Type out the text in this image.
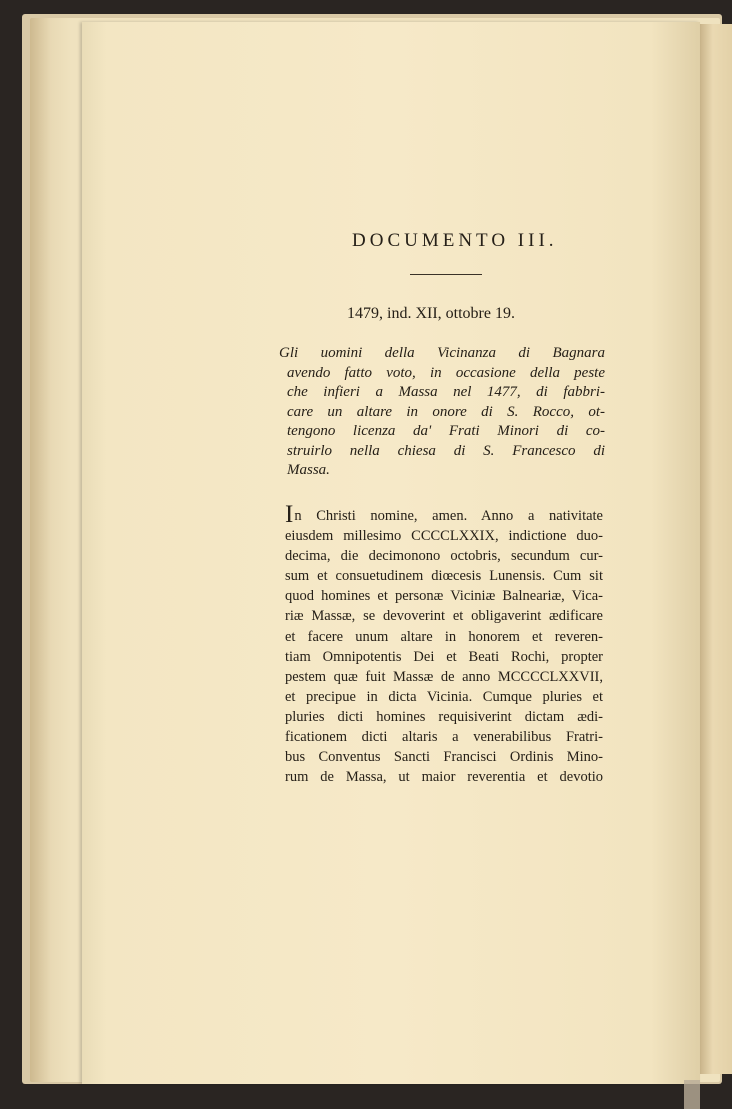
DOCUMENTO III.
1479, ind. XII, ottobre 19.
Gli uomini della Vicinanza di Bagnara
avendo fatto voto, in occasione della peste
che infieri a Massa nel 1477, di fabbri-
care un altare in onore di S. Rocco, ot-
tengono licenza da' Frati Minori di co-
struirlo nella chiesa di S. Francesco di
Massa.
In Christi nomine, amen. Anno a nativitate
eiusdem millesimo CCCCLXXIX, indictione duo-
decima, die decimonono octobris, secundum cur-
sum et consuetudinem diœcesis Lunensis. Cum sit
quod homines et personæ Viciniæ Balneariæ, Vica-
riæ Massæ, se devoverint et obligaverint ædificare
et facere unum altare in honorem et reveren-
tiam Omnipotentis Dei et Beati Rochi, propter
pestem quæ fuit Massæ de anno MCCCCLXXVII,
et precipue in dicta Vicinia. Cumque pluries et
pluries dicti homines requisiverint dictam ædi-
ficationem dicti altaris a venerabilibus Fratri-
bus Conventus Sancti Francisci Ordinis Mino-
rum de Massa, ut maior reverentia et devotio
